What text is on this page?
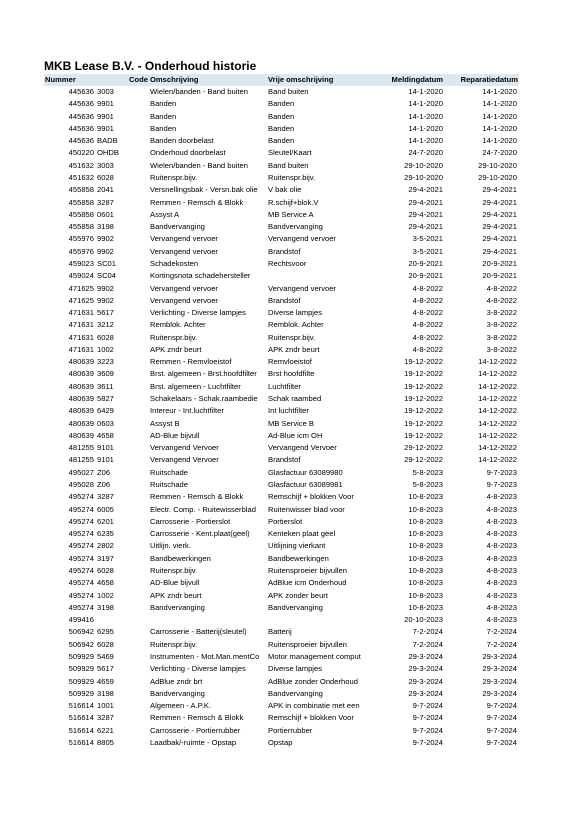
MKB Lease B.V. - Onderhoud historie
Nummer	Code	Omschrijving	Vrije omschrijving	Meldingdatum	Reparatiedatum
445636	3003	Wielen/banden - Band buiten	Band buiten	14-1-2020	14-1-2020
445636	9901	Banden	Banden	14-1-2020	14-1-2020
445636	9901	Banden	Banden	14-1-2020	14-1-2020
445636	9901	Banden	Banden	14-1-2020	14-1-2020
445636	BADB	Banden doorbelast	Banden	14-1-2020	14-1-2020
450220	OHDB	Onderhoud doorbelast	Sleutel/Kaart	24-7-2020	24-7-2020
451632	3003	Wielen/banden - Band buiten	Band buiten	29-10-2020	29-10-2020
451632	6028	Ruitenspr.bijv.	Ruitenspr.bijv.	29-10-2020	29-10-2020
455858	2041	Versnellingsbak - Versn.bak olie	V bak olie	29-4-2021	29-4-2021
455858	3287	Remmen - Remsch & Blokk	R.schijf+blok.V	29-4-2021	29-4-2021
455858	0601	Assyst A	MB Service A	29-4-2021	29-4-2021
455858	3198	Bandvervanging	Bandvervanging	29-4-2021	29-4-2021
455976	9902	Vervangend vervoer	Vervangend vervoer	3-5-2021	29-4-2021
455976	9902	Vervangend vervoer	Brandstof	3-5-2021	29-4-2021
459023	SC01	Schadekosten	Rechtsvoor	20-9-2021	20-9-2021
459024	SC04	Kortingsnota schadehersteller		20-9-2021	20-9-2021
471625	9902	Vervangend vervoer	Vervangend vervoer	4-8-2022	4-8-2022
471625	9902	Vervangend vervoer	Brandstof	4-8-2022	4-8-2022
471631	5617	Verlichting - Diverse lampjes	Diverse lampjes	4-8-2022	3-8-2022
471631	3212	Remblok. Achter	Remblok. Achter	4-8-2022	3-8-2022
471631	6028	Ruitenspr.bijv.	Ruitenspr.bijv.	4-8-2022	3-8-2022
471631	1002	APK zndr beurt	APK zndr beurt	4-8-2022	3-8-2022
480639	3223	Remmen - Remvloeistof	Remvloeistof	19-12-2022	14-12-2022
480639	3609	Brst. algemeen - Brst.hoofdfilter	Brst hoofdfilte	19-12-2022	14-12-2022
480639	3611	Brst. algemeen - Luchtfilter	Luchtfilter	19-12-2022	14-12-2022
480639	5827	Schakelaars - Schak.raambedie	Schak raambed	19-12-2022	14-12-2022
480639	6429	Intereur - Int.luchtfilter	Int luchtfilter	19-12-2022	14-12-2022
480639	0603	Assyst B	MB Service B	19-12-2022	14-12-2022
480639	4658	AD-Blue bijvull	Ad-Blue icm OH	19-12-2022	14-12-2022
481255	9101	Vervangend Vervoer	Vervangend Vervoer	29-12-2022	14-12-2022
481255	9101	Vervangend Vervoer	Brandstof	29-12-2022	14-12-2022
495027	Z06	Ruitschade	Glasfactuur 63089980	5-8-2023	9-7-2023
495028	Z06	Ruitschade	Glasfactuur 63089981	5-8-2023	9-7-2023
495274	3287	Remmen - Remsch & Blokk	Remschijf + blokken Voor	10-8-2023	4-8-2023
495274	6005	Electr. Comp. - Ruitewisserblad	Ruitenwisser blad voor	10-8-2023	4-8-2023
495274	6201	Carrosserie - Portierslot	Portierslot	10-8-2023	4-8-2023
495274	6235	Carrosserie - Kent.plaat(geel)	Kenteken plaat geel	10-8-2023	4-8-2023
495274	2802	Uitlijn. vierk.	Uitlijning vierkant	10-8-2023	4-8-2023
495274	3197	Bandbewerkingen	Bandbewerkingen	10-8-2023	4-8-2023
495274	6028	Ruitenspr.bijv.	Ruitensproeier bijvullen	10-8-2023	4-8-2023
495274	4658	AD-Blue bijvull	AdBlue icm Onderhoud	10-8-2023	4-8-2023
495274	1002	APK zndr beurt	APK zonder beurt	10-8-2023	4-8-2023
495274	3198	Bandvervanging	Bandvervanging	10-8-2023	4-8-2023
499416				20-10-2023	4-8-2023
506942	6295	Carrosserie - Batterij(sleutel)	Batterij	7-2-2024	7-2-2024
506942	6028	Ruitenspr.bijv.	Ruitensproeier bijvullen	7-2-2024	7-2-2024
509929	5469	Instrumenten - Mot.Man.mentCo	Motor management comput	29-3-2024	29-3-2024
509929	5617	Verlichting - Diverse lampjes	Diverse lampjes	29-3-2024	29-3-2024
509929	4659	AdBlue zndr brt	AdBlue zonder Onderhoud	29-3-2024	29-3-2024
509929	3198	Bandvervanging	Bandvervanging	29-3-2024	29-3-2024
516614	1001	Algemeen - A.P.K.	APK in combinatie met een	9-7-2024	9-7-2024
516614	3287	Remmen - Remsch & Blokk	Remschijf + blokken Voor	9-7-2024	9-7-2024
516614	6221	Carrosserie - Portierrubber	Portierrubber	9-7-2024	9-7-2024
516614	8805	Laadbak/-ruimte - Opstap	Opstap	9-7-2024	9-7-2024
